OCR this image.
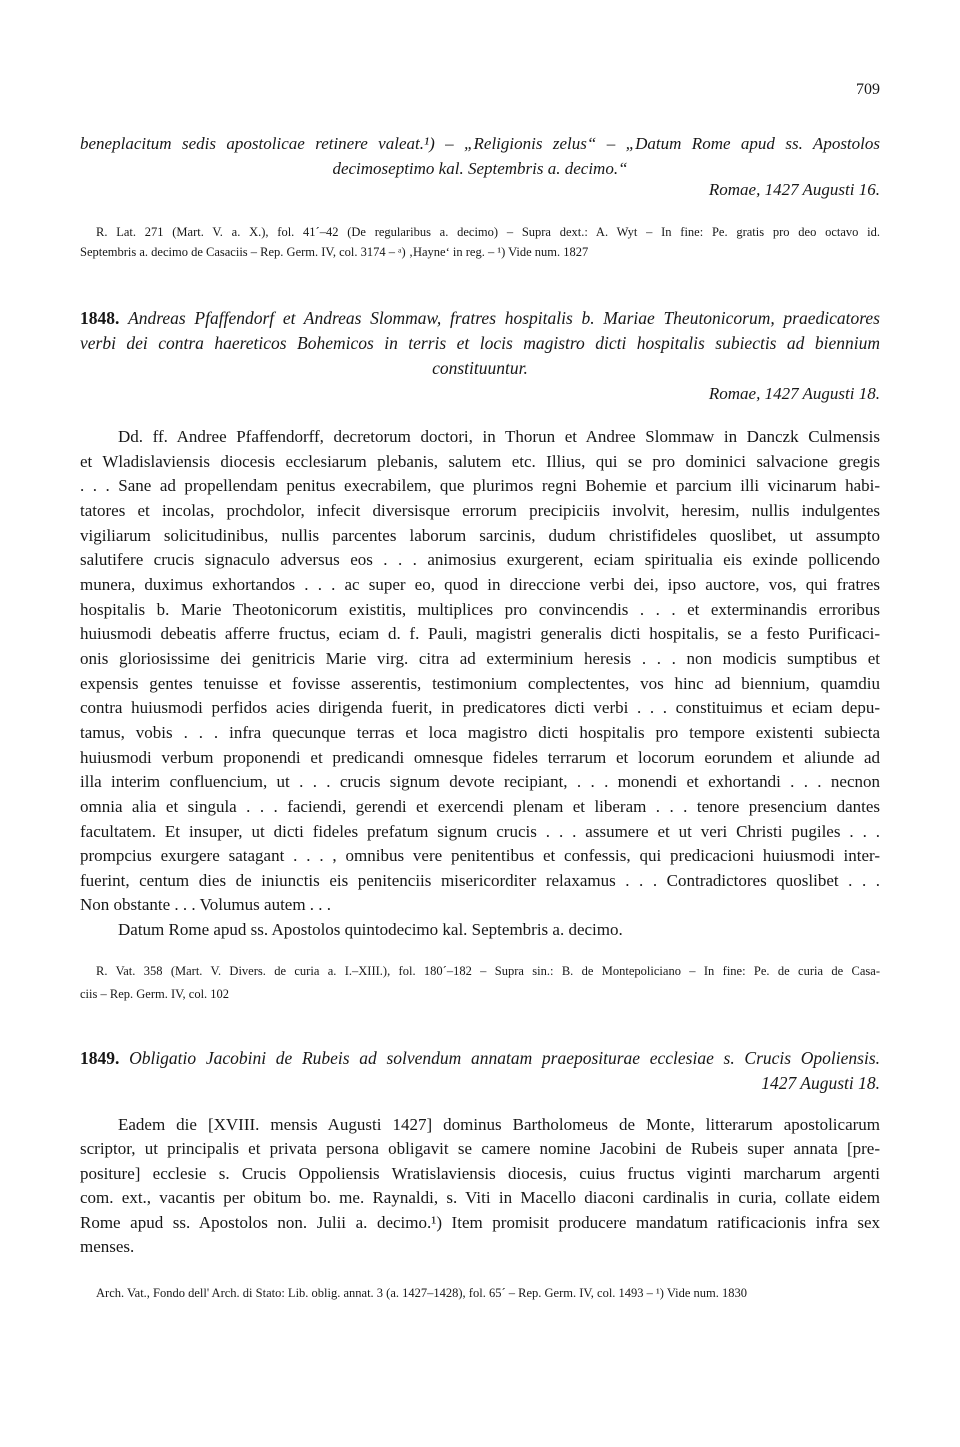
709
beneplacitum sedis apostolicae retinere valeat.¹) – „Religionis zelus“ – „Datum Rome apud ss. Apostolos
decimoseptimo kal. Septembris a. decimo.“
Romae, 1427 Augusti 16.
R. Lat. 271 (Mart. V. a. X.), fol. 41´–42 (De regularibus a. decimo) – Supra dext.: A. Wyt – In fine: Pe. gratis pro deo octavo id.
Septembris a. decimo de Casaciis – Rep. Germ. IV, col. 3174 – ᵃ) ‚Hayne‘ in reg. – ¹) Vide num. 1827
1848. Andreas Pfaffendorf et Andreas Slommaw, fratres hospitalis b. Mariae Theutonicorum, praedicatores
verbi dei contra haereticos Bohemicos in terris et locis magistro dicti hospitalis subiectis ad biennium
constituuntur.
Romae, 1427 Augusti 18.
Dd. ff. Andree Pfaffendorff, decretorum doctori, in Thorun et Andree Slommaw in Danczk Culmensis
et Wladislaviensis diocesis ecclesiarum plebanis, salutem etc. Illius, qui se pro dominici salvacione gregis
. . . Sane ad propellendam penitus execrabilem, que plurimos regni Bohemie et parcium illi vicinarum habi-
tatores et incolas, prochdolor, infecit diversisque errorum precipiciis involvit, heresim, nullis indulgentes
vigiliarum solicitudinibus, nullis parcentes laborum sarcinis, dudum christifideles quoslibet, ut assumpto
salutifere crucis signaculo adversus eos . . . animosius exurgerent, eciam spiritualia eis exinde pollicendo
munera, duximus exhortandos . . . ac super eo, quod in direccione verbi dei, ipso auctore, vos, qui fratres
hospitalis b. Marie Theotonicorum existitis, multiplices pro convincendis . . . et exterminandis erroribus
huiusmodi debeatis afferre fructus, eciam d. f. Pauli, magistri generalis dicti hospitalis, se a festo Purificaci-
onis gloriosissime dei genitricis Marie virg. citra ad exterminium heresis . . . non modicis sumptibus et
expensis gentes tenuisse et fovisse asserentis, testimonium complectentes, vos hinc ad biennium, quamdiu
contra huiusmodi perfidos acies dirigenda fuerit, in predicatores dicti verbi . . . constituimus et eciam depu-
tamus, vobis . . . infra quecunque terras et loca magistro dicti hospitalis pro tempore existenti subiecta
huiusmodi verbum proponendi et predicandi omnesque fideles terrarum et locorum eorundem et aliunde ad
illa interim confluencium, ut . . . crucis signum devote recipiant, . . . monendi et exhortandi . . . necnon
omnia alia et singula . . . faciendi, gerendi et exercendi plenam et liberam . . . tenore presencium dantes
facultatem. Et insuper, ut dicti fideles prefatum signum crucis . . . assumere et ut veri Christi pugiles . . .
prompcius exurgere satagant . . . , omnibus vere penitentibus et confessis, qui predicacioni huiusmodi inter-
fuerint, centum dies de iniunctis eis penitenciis misericorditer relaxamus . . . Contradictores quoslibet . . .
Non obstante . . . Volumus autem . . .
Datum Rome apud ss. Apostolos quintodecimo kal. Septembris a. decimo.
R. Vat. 358 (Mart. V. Divers. de curia a. I.–XIII.), fol. 180´–182 – Supra sin.: B. de Montepoliciano – In fine: Pe. de curia de Casa-
ciis – Rep. Germ. IV, col. 102
1849. Obligatio Jacobini de Rubeis ad solvendum annatam praepositurae ecclesiae s. Crucis Opoliensis.
1427 Augusti 18.
Eadem die [XVIII. mensis Augusti 1427] dominus Bartholomeus de Monte, litterarum apostolicarum
scriptor, ut principalis et privata persona obligavit se camere nomine Jacobini de Rubeis super annata [pre-
positure] ecclesie s. Crucis Oppoliensis Wratislaviensis diocesis, cuius fructus viginti marcharum argenti
com. ext., vacantis per obitum bo. me. Raynaldi, s. Viti in Macello diaconi cardinalis in curia, collate eidem
Rome apud ss. Apostolos non. Julii a. decimo.¹) Item promisit producere mandatum ratificacionis infra sex
menses.
Arch. Vat., Fondo dell' Arch. di Stato: Lib. oblig. annat. 3 (a. 1427–1428), fol. 65´ – Rep. Germ. IV, col. 1493 – ¹) Vide num. 1830
